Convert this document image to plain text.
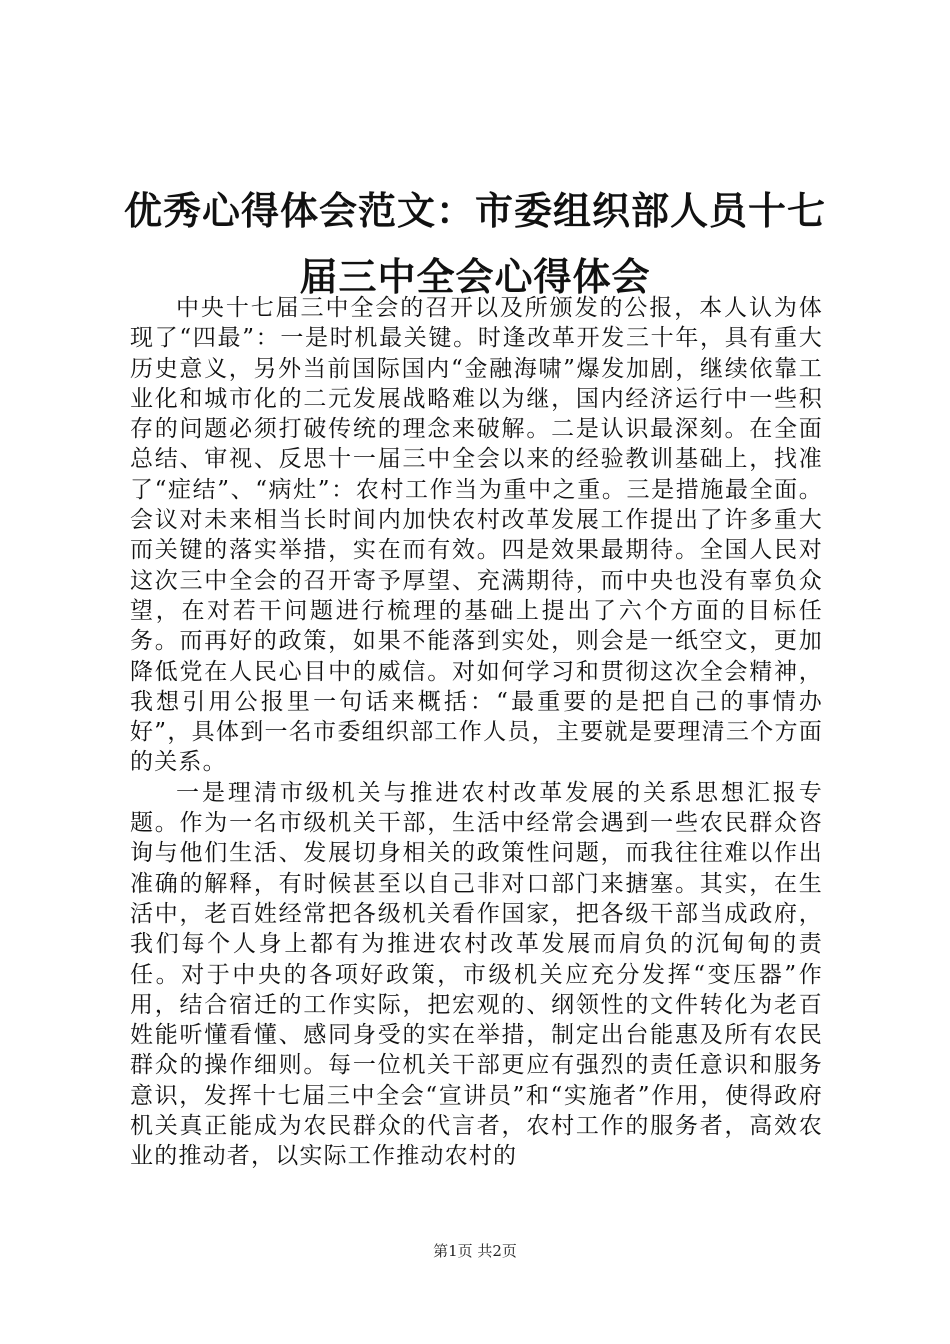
优秀心得体会范文：市委组织部人员十七届三中全会心得体会

中央十七届三中全会的召开以及所颁发的公报，本人认为体现了“四最”：一是时机最关键。时逢改革开发三十年，具有重大历史意义，另外当前国际国内“金融海啸”爆发加剧，继续依靠工业化和城市化的二元发展战略难以为继，国内经济运行中一些积存的问题必须打破传统的理念来破解。二是认识最深刻。在全面总结、审视、反思十一届三中全会以来的经验教训基础上，找准了“症结”、“病灶”：农村工作当为重中之重。三是措施最全面。会议对未来相当长时间内加快农村改革发展工作提出了许多重大而关键的落实举措，实在而有效。四是效果最期待。全国人民对这次三中全会的召开寄予厚望、充满期待，而中央也没有辜负众望，在对若干问题进行梳理的基础上提出了六个方面的目标任务。而再好的政策，如果不能落到实处，则会是一纸空文，更加降低党在人民心目中的威信。对如何学习和贯彻这次全会精神，我想引用公报里一句话来概括：“最重要的是把自己的事情办好”，具体到一名市委组织部工作人员，主要就是要理清三个方面的关系。

一是理清市级机关与推进农村改革发展的关系思想汇报专题。作为一名市级机关干部，生活中经常会遇到一些农民群众咨询与他们生活、发展切身相关的政策性问题，而我往往难以作出准确的解释，有时候甚至以自己非对口部门来搪塞。其实，在生活中，老百姓经常把各级机关看作国家，把各级干部当成政府，我们每个人身上都有为推进农村改革发展而肩负的沉甸甸的责任。对于中央的各项好政策，市级机关应充分发挥“变压器”作用，结合宿迁的工作实际，把宏观的、纲领性的文件转化为老百姓能听懂看懂、感同身受的实在举措，制定出台能惠及所有农民群众的操作细则。每一位机关干部更应有强烈的责任意识和服务意识，发挥十七届三中全会“宣讲员”和“实施者”作用，使得政府机关真正能成为农民群众的代言者，农村工作的服务者，高效农业的推动者，以实际工作推动农村的

第1页 共2页
